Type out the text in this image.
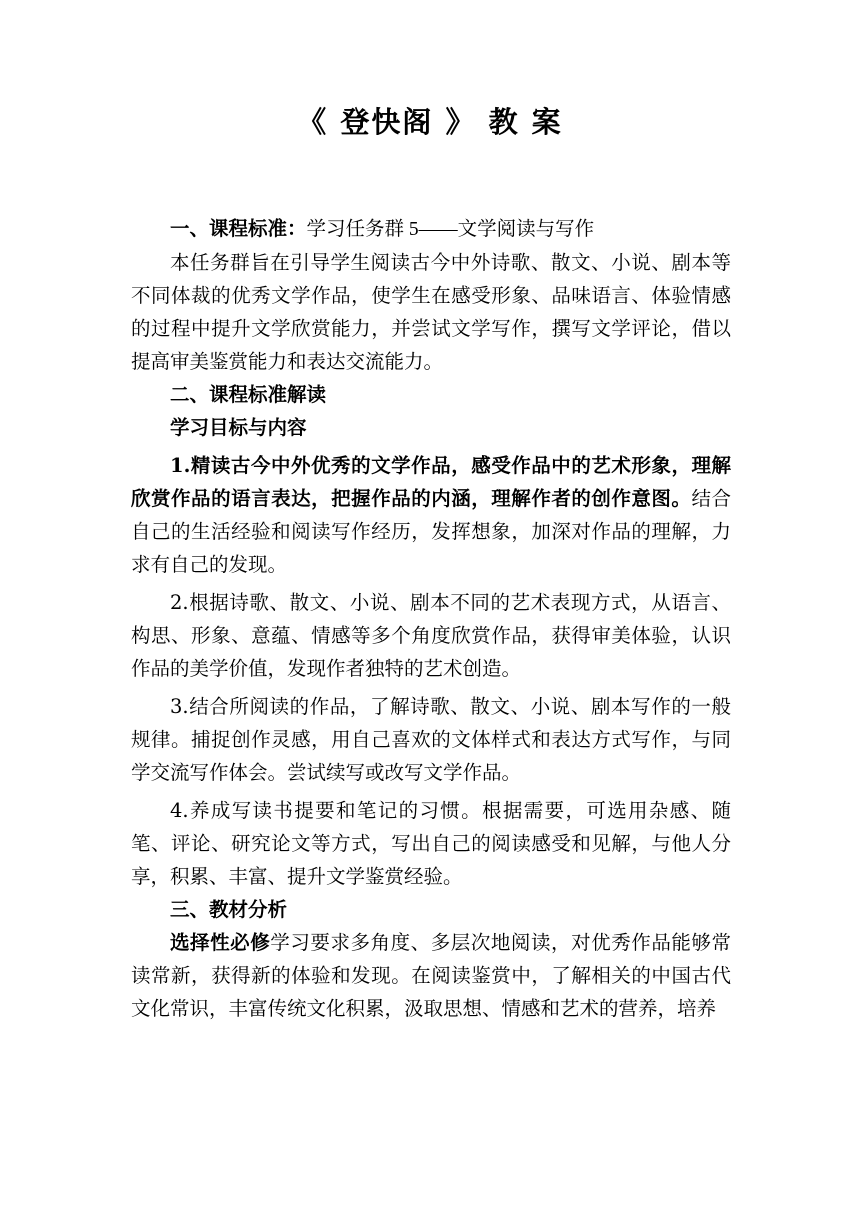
《 登快阁 》 教 案

一、课程标准：学习任务群 5——文学阅读与写作

本任务群旨在引导学生阅读古今中外诗歌、散文、小说、剧本等不同体裁的优秀文学作品，使学生在感受形象、品味语言、体验情感的过程中提升文学欣赏能力，并尝试文学写作，撰写文学评论，借以提高审美鉴赏能力和表达交流能力。

二、课程标准解读

学习目标与内容

1.精读古今中外优秀的文学作品，感受作品中的艺术形象，理解欣赏作品的语言表达，把握作品的内涵，理解作者的创作意图。结合自己的生活经验和阅读写作经历，发挥想象，加深对作品的理解，力求有自己的发现。

2.根据诗歌、散文、小说、剧本不同的艺术表现方式，从语言、构思、形象、意蕴、情感等多个角度欣赏作品，获得审美体验，认识作品的美学价值，发现作者独特的艺术创造。

3.结合所阅读的作品，了解诗歌、散文、小说、剧本写作的一般规律。捕捉创作灵感，用自己喜欢的文体样式和表达方式写作，与同学交流写作体会。尝试续写或改写文学作品。

4.养成写读书提要和笔记的习惯。根据需要，可选用杂感、随笔、评论、研究论文等方式，写出自己的阅读感受和见解，与他人分享，积累、丰富、提升文学鉴赏经验。

三、教材分析

选择性必修学习要求多角度、多层次地阅读，对优秀作品能够常读常新，获得新的体验和发现。在阅读鉴赏中，了解相关的中国古代文化常识，丰富传统文化积累，汲取思想、情感和艺术的营养，培养
